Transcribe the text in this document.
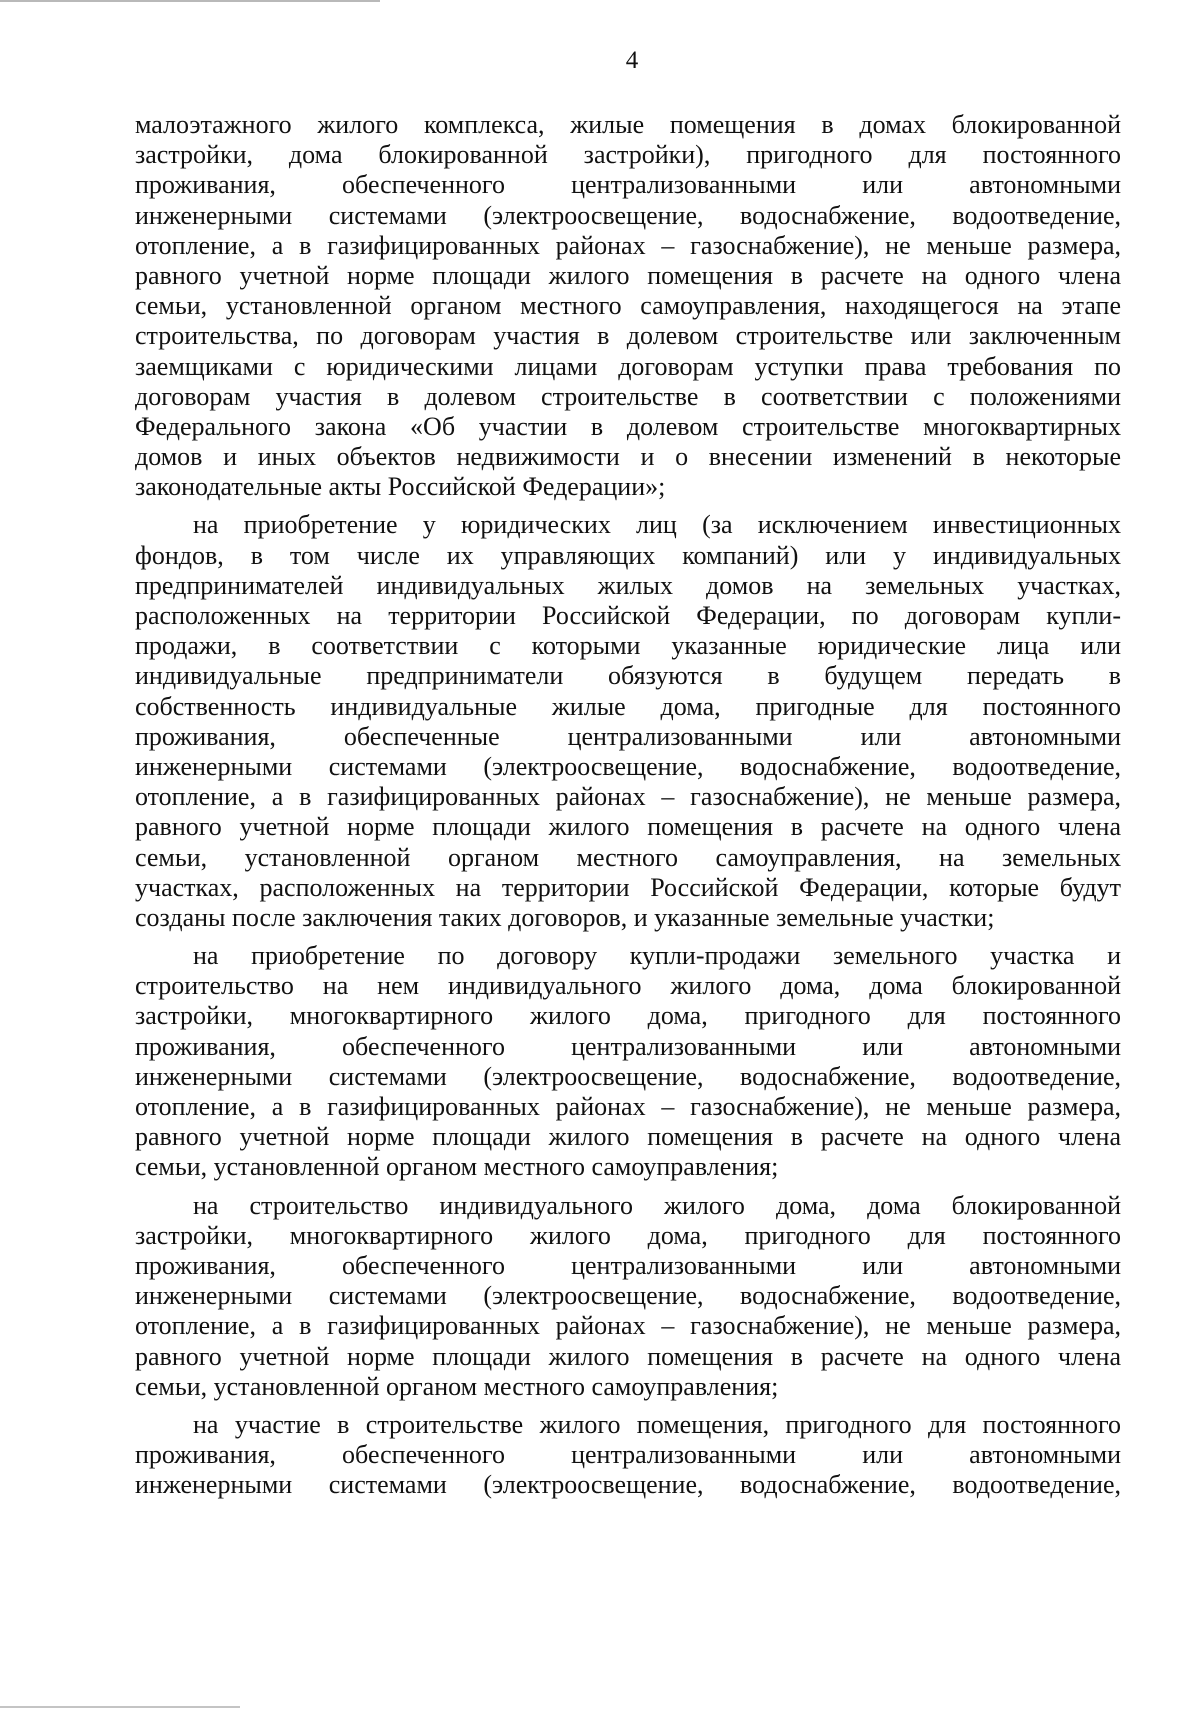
4
малоэтажного жилого комплекса, жилые помещения в домах блокированной
застройки, дома блокированной застройки), пригодного для постоянного
проживания, обеспеченного централизованными или автономными
инженерными системами (электроосвещение, водоснабжение, водоотведение,
отопление, а в газифицированных районах – газоснабжение), не меньше размера,
равного учетной норме площади жилого помещения в расчете на одного члена
семьи, установленной органом местного самоуправления, находящегося на этапе
строительства, по договорам участия в долевом строительстве или заключенным
заемщиками с юридическими лицами договорам уступки права требования по
договорам участия в долевом строительстве в соответствии с положениями
Федерального закона «Об участии в долевом строительстве многоквартирных
домов и иных объектов недвижимости и о внесении изменений в некоторые
законодательные акты Российской Федерации»;
на приобретение у юридических лиц (за исключением инвестиционных
фондов, в том числе их управляющих компаний) или у индивидуальных
предпринимателей индивидуальных жилых домов на земельных участках,
расположенных на территории Российской Федерации, по договорам купли-
продажи, в соответствии с которыми указанные юридические лица или
индивидуальные предприниматели обязуются в будущем передать в
собственность индивидуальные жилые дома, пригодные для постоянного
проживания, обеспеченные централизованными или автономными
инженерными системами (электроосвещение, водоснабжение, водоотведение,
отопление, а в газифицированных районах – газоснабжение), не меньше размера,
равного учетной норме площади жилого помещения в расчете на одного члена
семьи, установленной органом местного самоуправления, на земельных
участках, расположенных на территории Российской Федерации, которые будут
созданы после заключения таких договоров, и указанные земельные участки;
на приобретение по договору купли-продажи земельного участка и
строительство на нем индивидуального жилого дома, дома блокированной
застройки, многоквартирного жилого дома, пригодного для постоянного
проживания, обеспеченного централизованными или автономными
инженерными системами (электроосвещение, водоснабжение, водоотведение,
отопление, а в газифицированных районах – газоснабжение), не меньше размера,
равного учетной норме площади жилого помещения в расчете на одного члена
семьи, установленной органом местного самоуправления;
на строительство индивидуального жилого дома, дома блокированной
застройки, многоквартирного жилого дома, пригодного для постоянного
проживания, обеспеченного централизованными или автономными
инженерными системами (электроосвещение, водоснабжение, водоотведение,
отопление, а в газифицированных районах – газоснабжение), не меньше размера,
равного учетной норме площади жилого помещения в расчете на одного члена
семьи, установленной органом местного самоуправления;
на участие в строительстве жилого помещения, пригодного для постоянного
проживания, обеспеченного централизованными или автономными
инженерными системами (электроосвещение, водоснабжение, водоотведение,
